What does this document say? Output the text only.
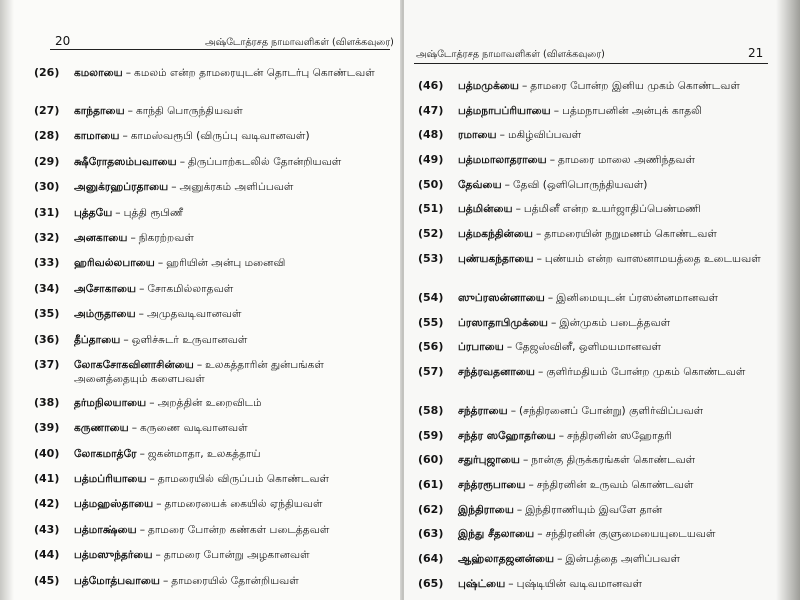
20	அஷ்டோத்ரசத நாமாவளிகள் (விளக்கவுரை)
(26)	கமலாயை – கமலம் என்ற தாமரையுடன் தொடர்பு கொண்டவள்
(27)	காந்தாயை – காந்தி பொருந்தியவள்
(28)	காமாயை – காமஸ்வரூபி (விருப்பு வடிவானவள்)
(29)	க்ஷீரோதஸம்பவாயை – திருப்பாற்கடலில் தோன்றியவள்
(30)	அனுக்ரஹப்ரதாயை – அனுக்ரகம் அளிப்பவள்
(31)	புத்தயே – புத்தி ரூபிணீ
(32)	அனகாயை – நிகரற்றவள்
(33)	ஹரிவல்லபாயை – ஹரியின் அன்பு மனைவி
(34)	அசோகாயை – சோகமில்லாதவள்
(35)	அம்ருதாயை – அமுதவடிவானவள்
(36)	தீப்தாயை – ஒளிச்சுடர் உருவானவள்
(37)	லோகசோகவினாசின்யை – உலகத்தாரின் துன்பங்கள் அனைத்தையும் களைபவள்
(38)	தர்மநிலயாயை – அறத்தின் உறைவிடம்
(39)	கருணாயை – கருணை வடிவானவள்
(40)	லோகமாத்ரே – ஜகன்மாதா, உலகத்தாய்
(41)	பத்மப்ரியாயை – தாமரையில் விருப்பம் கொண்டவள்
(42)	பத்மஹஸ்தாயை – தாமரையைக் கையில் ஏந்தியவள்
(43)	பத்மாக்ஷ்யை – தாமரை போன்ற கண்கள் படைத்தவள்
(44)	பத்மஸுந்தர்யை – தாமரை போன்று அழகானவள்
(45)	பத்மோத்பவாயை – தாமரையில் தோன்றியவள்
அஷ்டோத்ரசத நாமாவளிகள் (விளக்கவுரை)	21
(46)	பத்மமுக்யை – தாமரை போன்ற இனிய முகம் கொண்டவள்
(47)	பத்மநாபப்ரியாயை – பத்மநாபனின் அன்புக் காதலி
(48)	ரமாயை – மகிழ்விப்பவள்
(49)	பத்மமாலாதராயை – தாமரை மாலை அணிந்தவள்
(50)	தேவ்யை – தேவி (ஒளிபொருந்தியவள்)
(51)	பத்மின்யை – பத்மினீ என்ற உயர்ஜாதிப்பெண்மணி
(52)	பத்மகந்தின்யை – தாமரையின் நறுமணம் கொண்டவள்
(53)	புண்யகந்தாயை – புண்யம் என்ற வாஸனாமயத்தை உடையவள்
(54)	ஸுப்ரஸன்னாயை – இனிமையுடன் ப்ரஸன்னமானவள்
(55)	ப்ரஸாதாபிமுக்யை – இன்முகம் படைத்தவள்
(56)	ப்ரபாயை – தேஜஸ்வினீ, ஒளிமயமானவள்
(57)	சந்த்ரவதனாயை – குளிர்மதியம் போன்ற முகம் கொண்டவள்
(58)	சந்த்ராயை – (சந்திரனைப் போன்று) குளிர்விப்பவள்
(59)	சந்த்ர ஸஹோதர்யை – சந்திரனின் ஸஹோதரி
(60)	சதுர்புஜாயை – நான்கு திருக்கரங்கள் கொண்டவள்
(61)	சந்த்ரரூபாயை – சந்திரனின் உருவம் கொண்டவள்
(62)	இந்திராயை – இந்திராணியும் இவளே தான்
(63)	இந்து சீதலாயை – சந்திரனின் குளுமையையுடையவள்
(64)	ஆஹ்லாதஜனன்யை – இன்பத்தை அளிப்பவள்
(65)	புஷ்ட்யை – புஷ்டியின் வடிவமானவள்
